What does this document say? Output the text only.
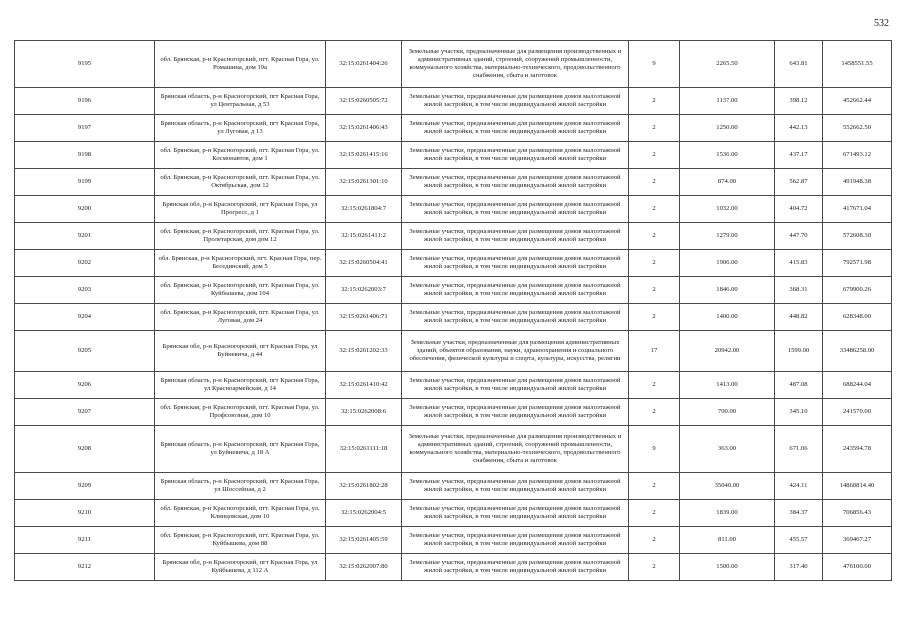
532
9195	обл. Брянская, р-н Красногорский, пгт. Красная Гора, ул. Ромашина, дом 19а	32:15:0261404:26	Земельные участки, предназначенные для размещения производственных и административных зданий, строений, сооружений промышленности, коммунального хозяйства, материально-технического, продовольственного снабжения, сбыта и заготовок	9	2265.50	643.81	1458551.55
9196	Брянская область, р-н Красногорский, пгт Красная Гора, ул Центральная, д 53	32:15:0260505:72	Земельные участки, предназначенные для размещения домов малоэтажной жилой застройки, в том числе индивидуальной жилой застройки	2	1137.00	398.12	452662.44
9197	Брянская область, р-н Красногорский, пгт Красная Гора, ул Луговая, д 13	32:15:0261406:43	Земельные участки, предназначенные для размещения домов малоэтажной жилой застройки, в том числе индивидуальной жилой застройки	2	1250.00	442.13	552662.50
9198	обл. Брянская, р-н Красногорский, пгт. Красная Гора, ул. Космонавтов, дом 1	32:15:0261415:16	Земельные участки, предназначенные для размещения домов малоэтажной жилой застройки, в том числе индивидуальной жилой застройки	2	1536.00	437.17	671493.12
9199	обл. Брянская, р-н Красногорский, пгт. Красная Гора, ул. Октябрьская, дом 12	32:15:0261301:10	Земельные участки, предназначенные для размещения домов малоэтажной жилой застройки, в том числе индивидуальной жилой застройки	2	874.00	562.87	491948.38
9200	Брянская обл, р-н Красногорский, пгт Красная Гора, ул Прогресс, д 1	32:15:0261804:7	Земельные участки, предназначенные для размещения домов малоэтажной жилой застройки, в том числе индивидуальной жилой застройки	2	1032.00	404.72	417671.04
9201	обл. Брянская, р-н Красногорский, пгт. Красная Гора, ул. Пролетарская, дом дом 12	32:15:0261411:2	Земельные участки, предназначенные для размещения домов малоэтажной жилой застройки, в том числе индивидуальной жилой застройки	2	1279.00	447.70	572608.30
9202	обл. Брянская, р-н Красногорский, пгт. Красная Гора, пер. Бесединский, дом 5	32:15:0260504:41	Земельные участки, предназначенные для размещения домов малоэтажной жилой застройки, в том числе индивидуальной жилой застройки	2	1906.00	415.83	792571.98
9203	обл. Брянская, р-н Красногорский, пгт. Красная Гора, ул. Куйбышева, дом 104	32:15:0262003:7	Земельные участки, предназначенные для размещения домов малоэтажной жилой застройки, в том числе индивидуальной жилой застройки	2	1846.00	368.31	679900.26
9204	обл. Брянская, р-н Красногорский, пгт. Красная Гора, ул. Луговая, дом 24	32:15:0261406:71	Земельные участки, предназначенные для размещения домов малоэтажной жилой застройки, в том числе индивидуальной жилой застройки	2	1400.00	448.82	628348.00
9205	Брянская обл, р-н Красногорский, пгт Красная Гора, ул Буйневича, д 44	32:15:0261202:33	Земельные участки, предназначенные для размещения административных зданий, объектов образования, науки, здравоохранения и социального обеспечения, физической культуры и спорта, культуры, искусства, религии	17	20942.00	1599.00	33486258.00
9206	Брянская область, р-н Красногорский, пгт Красная Гора, ул Красноармейская, д 14	32:15:0261410:42	Земельные участки, предназначенные для размещения домов малоэтажной жилой застройки, в том числе индивидуальной жилой застройки	2	1413.00	487.08	688244.04
9207	обл. Брянская, р-н Красногорский, пгт. Красная Гора, ул. Профсоюзная, дом 10	32:15:0262008:6	Земельные участки, предназначенные для размещения домов малоэтажной жилой застройки, в том числе индивидуальной жилой застройки	2	700.00	345.10	241570.00
9208	Брянская область, р-н Красногорский, пгт Красная Гора, ул Буйневича, д 18 А	32:15:0261111:18	Земельные участки, предназначенные для размещения производственных и административных зданий, строений, сооружений промышленности, коммунального хозяйства, материально-технического, продовольственного снабжения, сбыта и заготовок	9	363.00	671.06	243594.78
9209	Брянская область, р-н Красногорский, пгт Красная Гора, ул Шоссейная, д 2	32:15:0261802:28	Земельные участки, предназначенные для размещения домов малоэтажной жилой застройки, в том числе индивидуальной жилой застройки	2	35040.00	424.11	14860814.40
9210	обл. Брянская, р-н Красногорский, пгт. Красная Гора, ул. Клинцовская, дом 10	32:15:0262004:5	Земельные участки, предназначенные для размещения домов малоэтажной жилой застройки, в том числе индивидуальной жилой застройки	2	1839.00	384.37	706856.43
9211	обл. Брянская, р-н Красногорский, пгт. Красная Гора, ул. Куйбышева, дом 88	32:15:0261405:59	Земельные участки, предназначенные для размещения домов малоэтажной жилой застройки, в том числе индивидуальной жилой застройки	2	811.00	455.57	369467.27
9212	Брянская обл, р-н Красногорский, пгт Красная Гора, ул Куйбышева, д 112 А	32:15:0262007:80	Земельные участки, предназначенные для размещения домов малоэтажной жилой застройки, в том числе индивидуальной жилой застройки	2	1500.00	317.40	476100.00
